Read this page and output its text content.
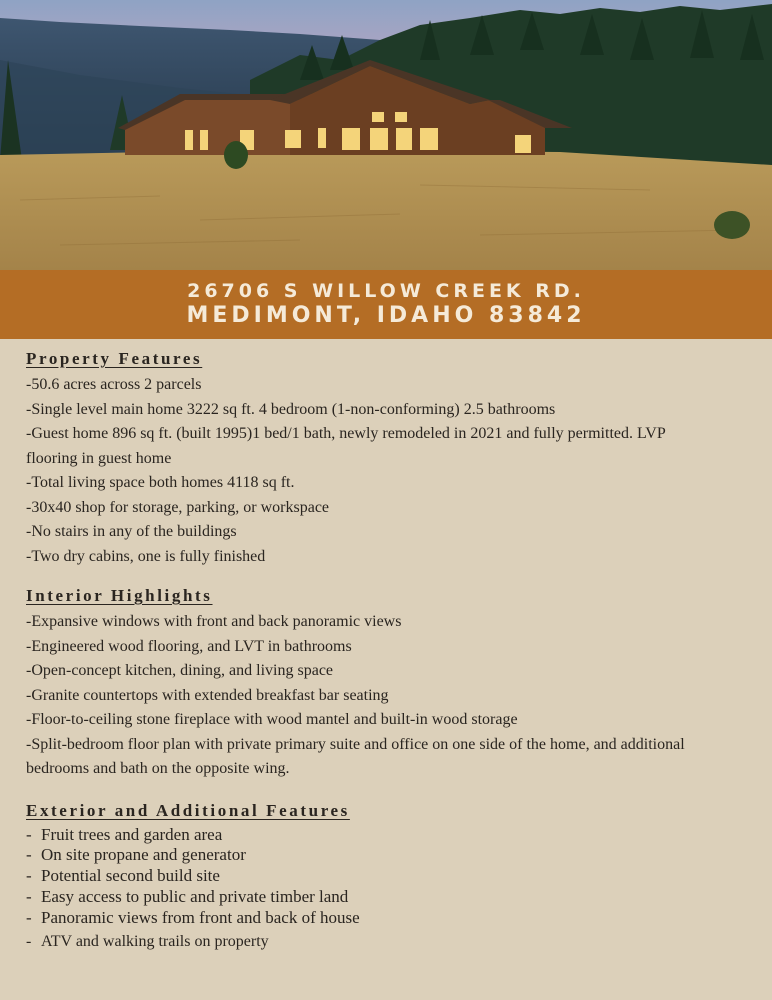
26706 S WILLOW CREEK RD.
MEDIMONT, IDAHO 83842
Property Features

-50.6 acres across 2 parcels

-Single level main home 3222 sq ft. 4 bedroom (1-non-conforming) 2.5 bathrooms

-Guest home 896 sq ft. (built 1995)1 bed/1 bath, newly remodeled in 2021 and fully permitted. LVP

flooring in guest home

-Total living space both homes 4118 sq ft.

-30x40 shop for storage, parking, or workspace

-No stairs in any of the buildings

-Two dry cabins, one is fully finished

Interior Highlights

-Expansive windows with front and back panoramic views

-Engineered wood flooring, and LVT in bathrooms

-Open-concept kitchen, dining, and living space

-Granite countertops with extended breakfast bar seating

-Floor-to-ceiling stone fireplace with wood mantel and built-in wood storage

-Split-bedroom floor plan with private primary suite and office on one side of the home, and additional

bedrooms and bath on the opposite wing.

Exterior and Additional Features
- Fruit trees and garden area
- On site propane and generator
- Potential second build site
- Easy access to public and private timber land
- Panoramic views from front and back of house
- ATV and walking trails on property
